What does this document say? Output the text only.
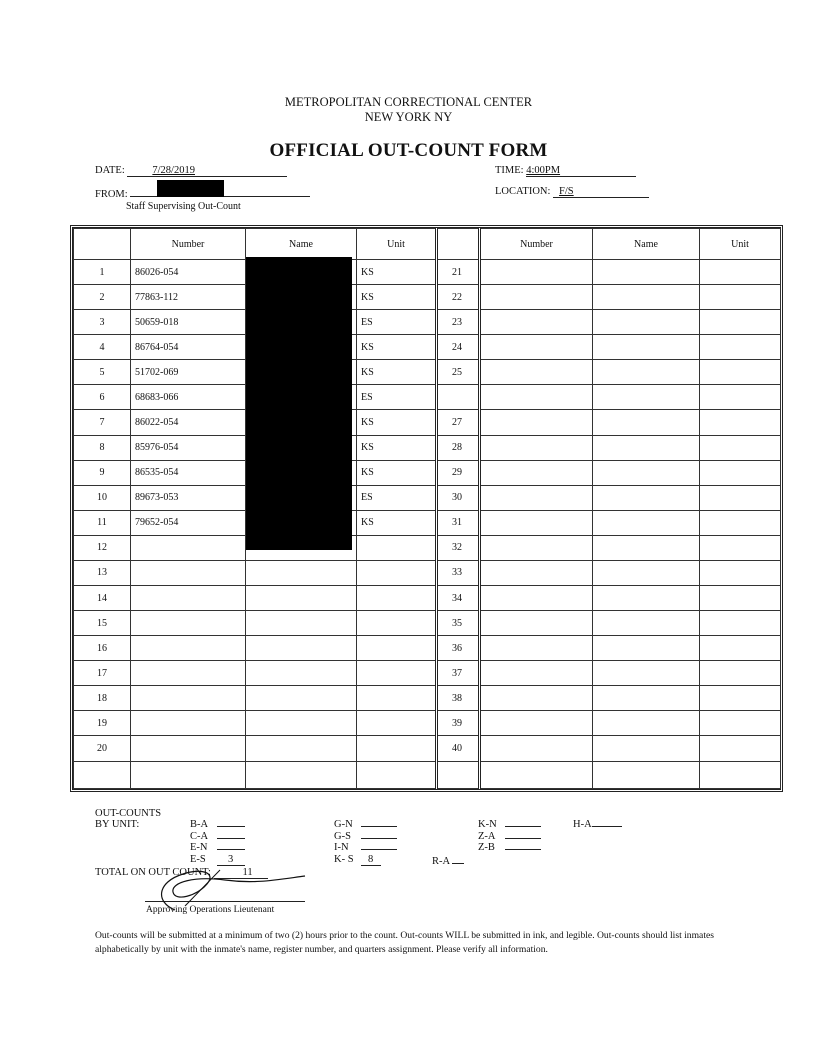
METROPOLITAN CORRECTIONAL CENTER
NEW YORK NY
OFFICIAL OUT-COUNT FORM
DATE:	7/28/2019	TIME: 4:00PM
FROM:
Staff Supervising Out-Count
LOCATION: F/S
	Number	Name	Unit		Number	Name	Unit
1	86026-054		KS	21			
2	77863-112		KS	22			
3	50659-018		ES	23			
4	86764-054		KS	24			
5	51702-069		KS	25			
6	68683-066		ES				
7	86022-054		KS	27			
8	85976-054		KS	28			
9	86535-054		KS	29			
10	89673-053		ES	30			
11	79652-054		KS	31			
12				32			
13				33			
14				34			
15				35			
16				36			
17				37			
18				38			
19				39			
20				40			

OUT-COUNTS
BY UNIT:	B-A
C-A
E-N
E-S 3
G-N
G-S
I-N
K- S 8	R-A
K-N
Z-A
Z-B
H-A
TOTAL ON OUT COUNT:	11
Approving Operations Lieutenant
Out-counts will be submitted at a minimum of two (2) hours prior to the count. Out-counts WILL be submitted in ink, and legible. Out-counts should list inmates alphabetically by unit with the inmate's name, register number, and quarters assignment. Please verify all information.
